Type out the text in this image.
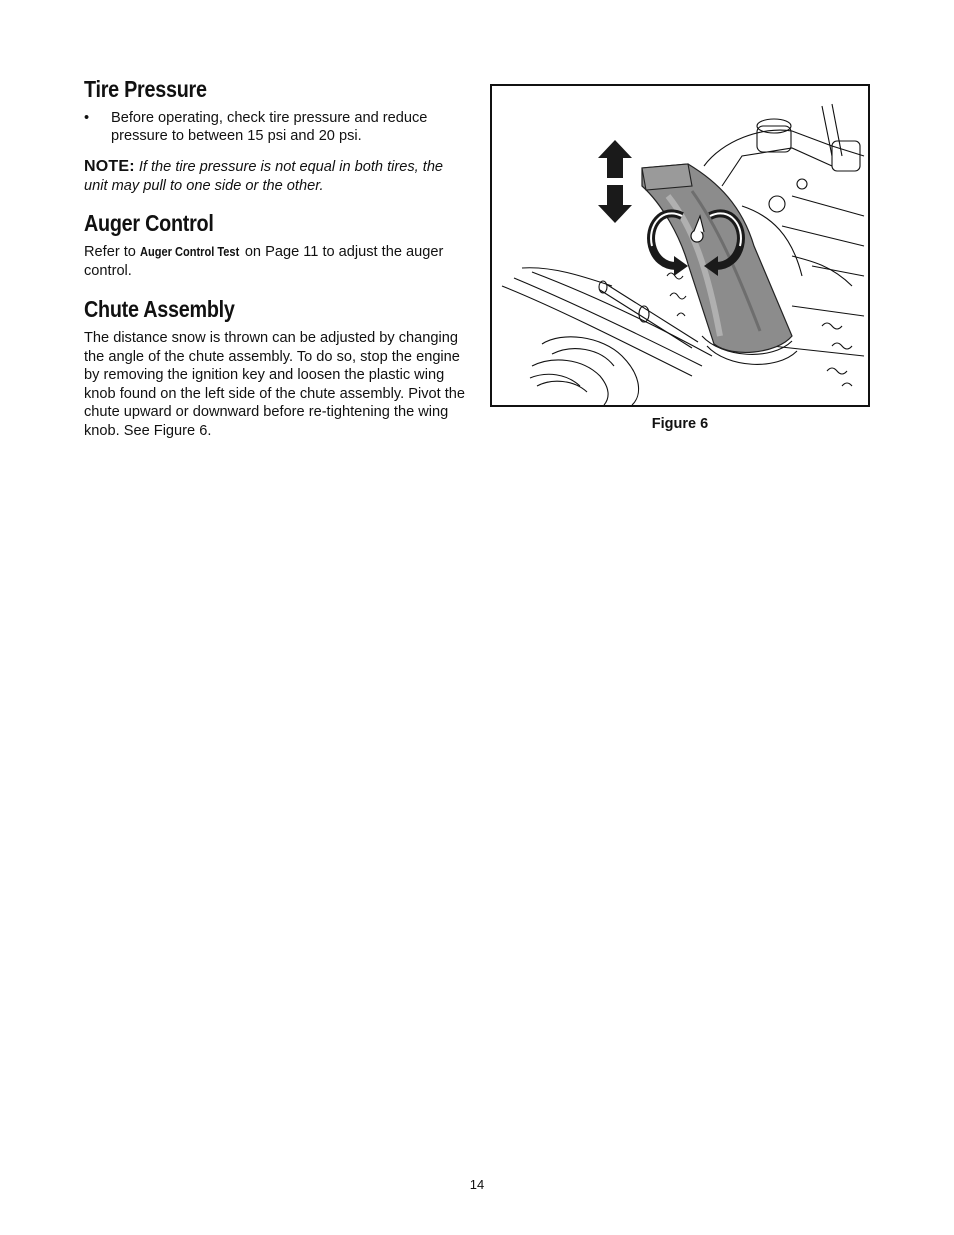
Tire Pressure
•	Before operating, check tire pressure and reduce pressure to between 15 psi and 20 psi.
NOTE: If the tire pressure is not equal in both tires, the unit may pull to one side or the other.
Auger Control

Refer to Auger Control Test on Page 11 to adjust the auger control.

Chute Assembly

The distance snow is thrown can be adjusted by changing the angle of the chute assembly. To do so, stop the engine by removing the ignition key and loosen the plastic wing knob found on the left side of the chute assembly. Pivot the chute upward or downward before re-tightening the wing knob. See Figure 6.	Figure 6
14
